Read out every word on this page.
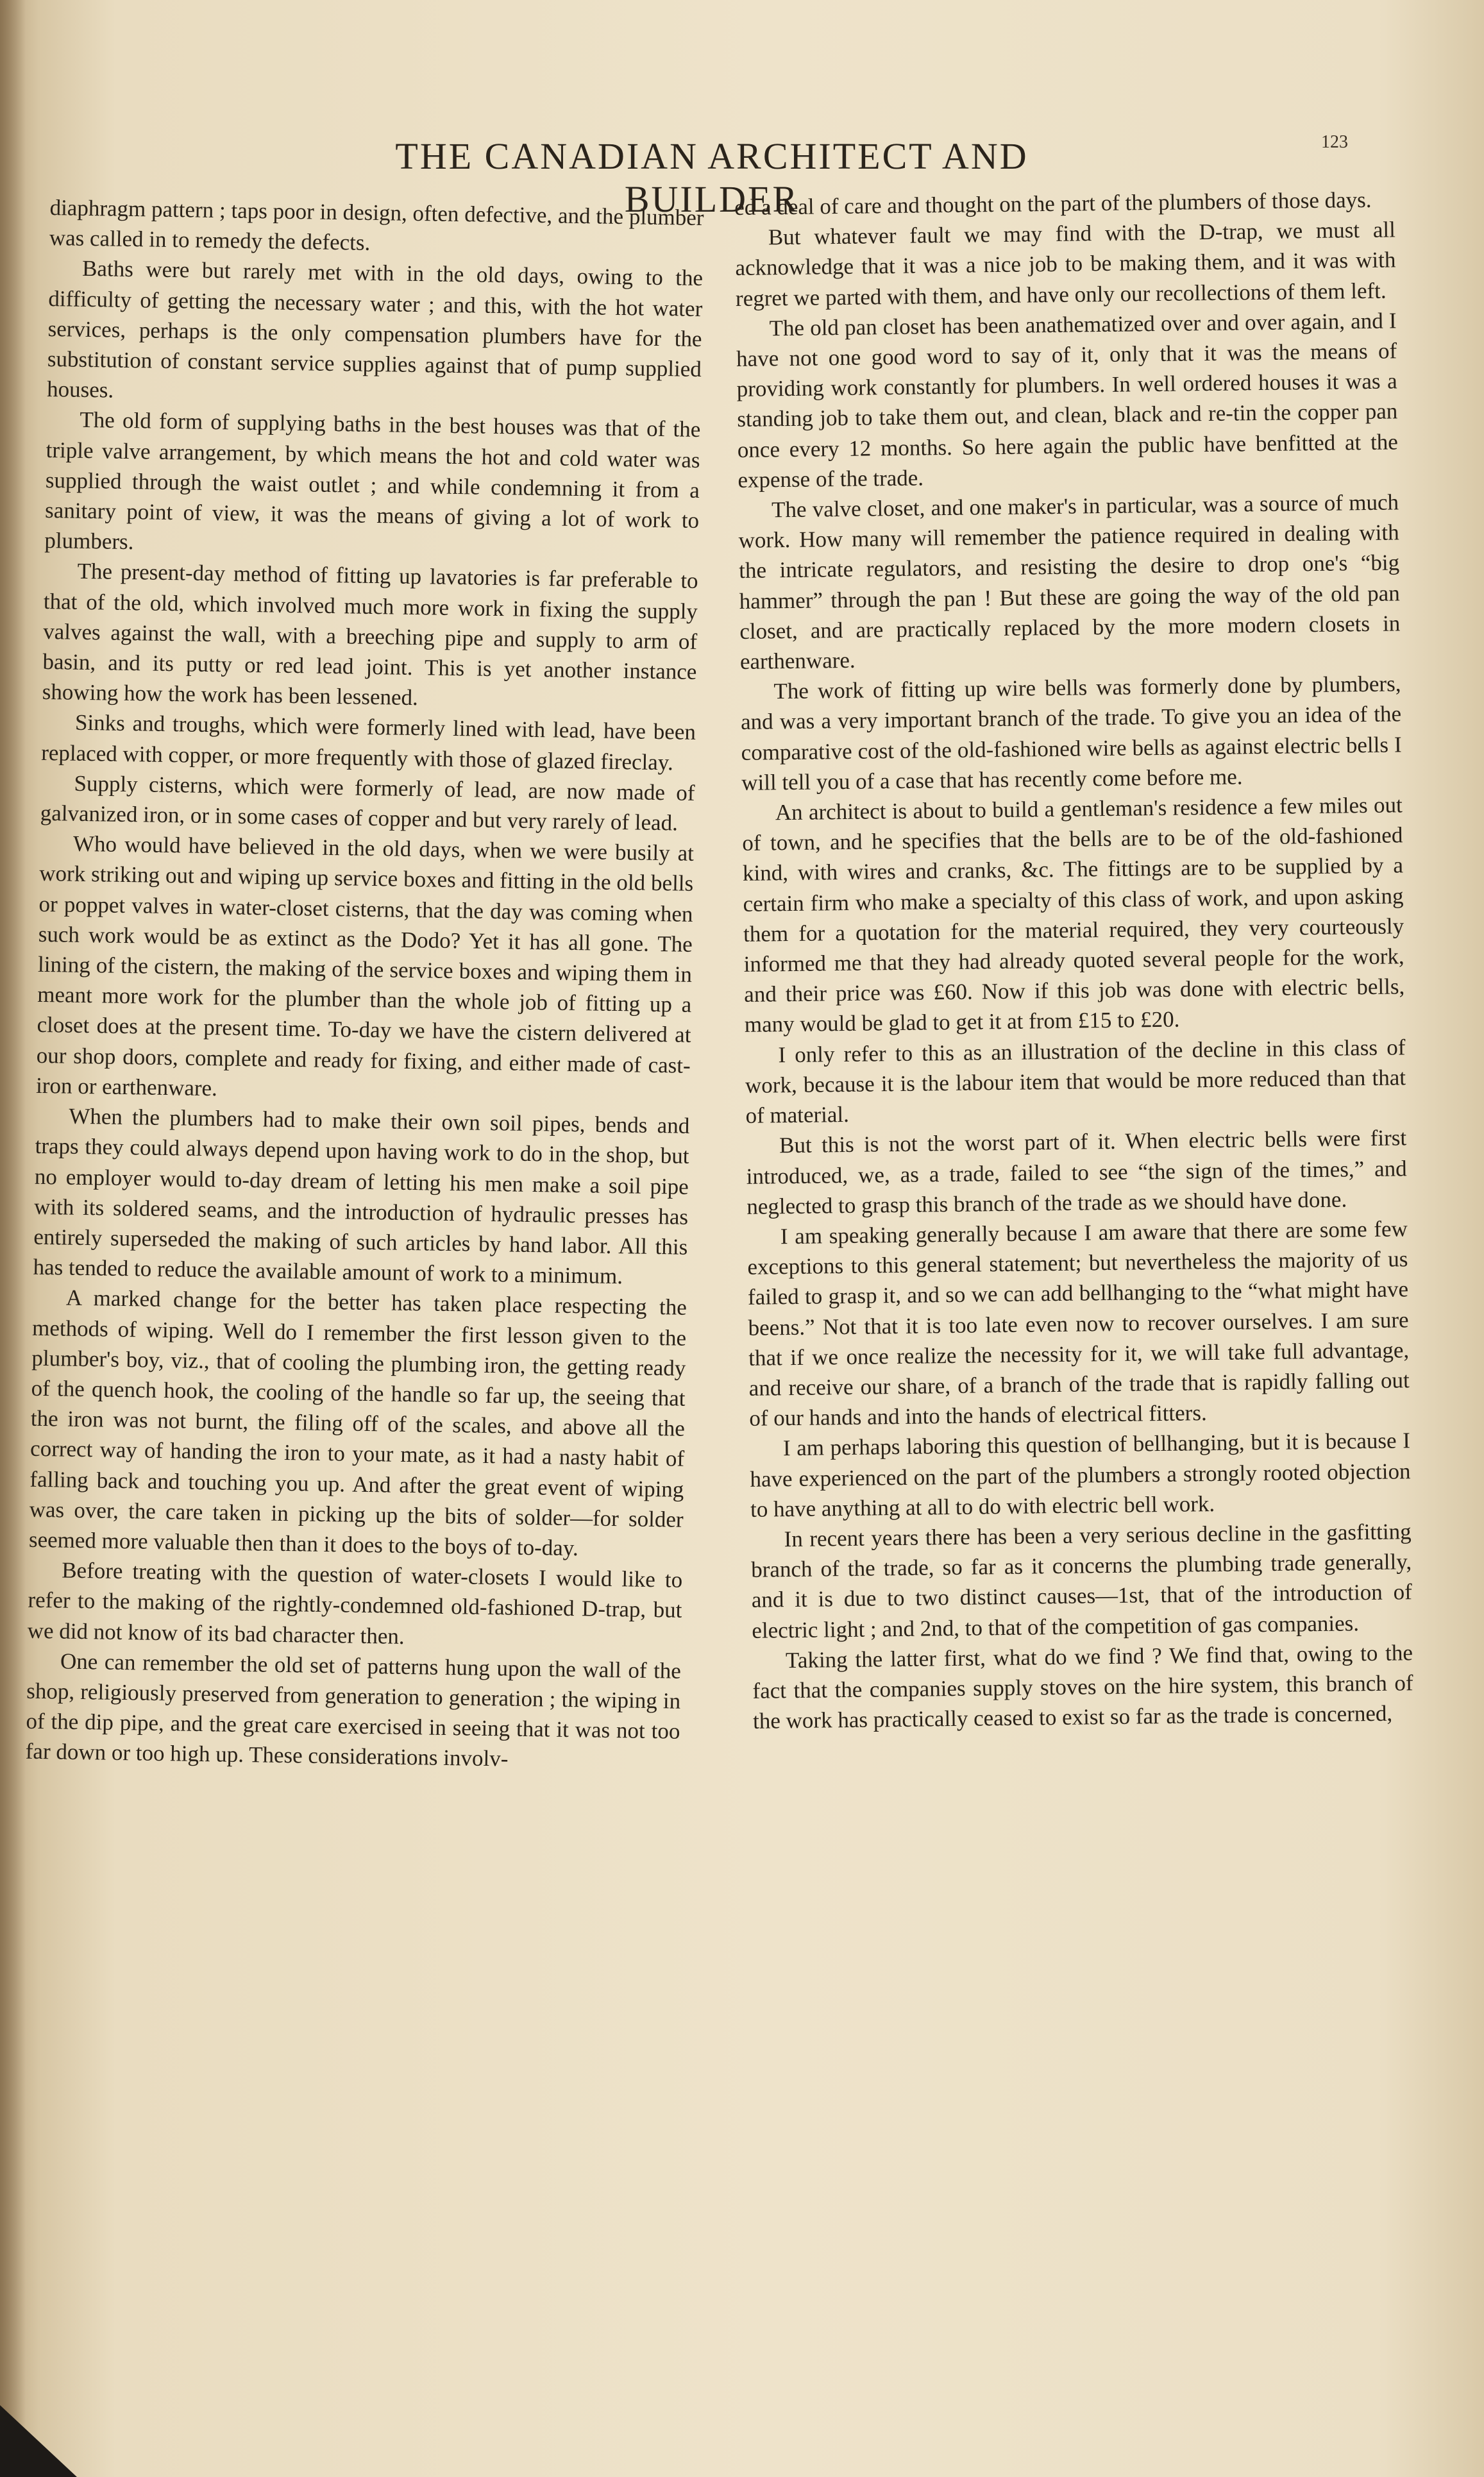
THE CANADIAN ARCHITECT AND BUILDER
123

diaphragm pattern ; taps poor in design, often defective, and the plumber was called in to remedy the defects.

Baths were but rarely met with in the old days, owing to the difficulty of getting the necessary water ; and this, with the hot water services, perhaps is the only compensation plumbers have for the substitution of constant service supplies against that of pump supplied houses.

The old form of supplying baths in the best houses was that of the triple valve arrangement, by which means the hot and cold water was supplied through the waist outlet ; and while condemning it from a sanitary point of view, it was the means of giving a lot of work to plumbers.

The present-day method of fitting up lavatories is far preferable to that of the old, which involved much more work in fixing the supply valves against the wall, with a breeching pipe and supply to arm of basin, and its putty or red lead joint. This is yet another instance showing how the work has been lessened.

Sinks and troughs, which were formerly lined with lead, have been replaced with copper, or more frequently with those of glazed fireclay.

Supply cisterns, which were formerly of lead, are now made of galvanized iron, or in some cases of copper and but very rarely of lead.

Who would have believed in the old days, when we were busily at work striking out and wiping up service boxes and fitting in the old bells or poppet valves in water-closet cisterns, that the day was coming when such work would be as extinct as the Dodo? Yet it has all gone. The lining of the cistern, the making of the service boxes and wiping them in meant more work for the plumber than the whole job of fitting up a closet does at the present time. To-day we have the cistern delivered at our shop doors, complete and ready for fixing, and either made of cast-iron or earthenware.

When the plumbers had to make their own soil pipes, bends and traps they could always depend upon having work to do in the shop, but no employer would to-day dream of letting his men make a soil pipe with its soldered seams, and the introduction of hydraulic presses has entirely superseded the making of such articles by hand labor. All this has tended to reduce the available amount of work to a minimum.

A marked change for the better has taken place respecting the methods of wiping. Well do I remember the first lesson given to the plumber's boy, viz., that of cooling the plumbing iron, the getting ready of the quench hook, the cooling of the handle so far up, the seeing that the iron was not burnt, the filing off of the scales, and above all the correct way of handing the iron to your mate, as it had a nasty habit of falling back and touching you up. And after the great event of wiping was over, the care taken in picking up the bits of solder—for solder seemed more valuable then than it does to the boys of to-day.

Before treating with the question of water-closets I would like to refer to the making of the rightly-condemned old-fashioned D-trap, but we did not know of its bad character then.

One can remember the old set of patterns hung upon the wall of the shop, religiously preserved from generation to generation ; the wiping in of the dip pipe, and the great care exercised in seeing that it was not too far down or too high up. These considerations involv-

ed a deal of care and thought on the part of the plumbers of those days.

But whatever fault we may find with the D-trap, we must all acknowledge that it was a nice job to be making them, and it was with regret we parted with them, and have only our recollections of them left.

The old pan closet has been anathematized over and over again, and I have not one good word to say of it, only that it was the means of providing work constantly for plumbers. In well ordered houses it was a standing job to take them out, and clean, black and re-tin the copper pan once every 12 months. So here again the public have benfitted at the expense of the trade.

The valve closet, and one maker's in particular, was a source of much work. How many will remember the patience required in dealing with the intricate regulators, and resisting the desire to drop one's “big hammer” through the pan ! But these are going the way of the old pan closet, and are practically replaced by the more modern closets in earthenware.

The work of fitting up wire bells was formerly done by plumbers, and was a very important branch of the trade. To give you an idea of the comparative cost of the old-fashioned wire bells as against electric bells I will tell you of a case that has recently come before me.

An architect is about to build a gentleman's residence a few miles out of town, and he specifies that the bells are to be of the old-fashioned kind, with wires and cranks, &c. The fittings are to be supplied by a certain firm who make a specialty of this class of work, and upon asking them for a quotation for the material required, they very courteously informed me that they had already quoted several people for the work, and their price was £60. Now if this job was done with electric bells, many would be glad to get it at from £15 to £20.

I only refer to this as an illustration of the decline in this class of work, because it is the labour item that would be more reduced than that of material.

But this is not the worst part of it. When electric bells were first introduced, we, as a trade, failed to see “the sign of the times,” and neglected to grasp this branch of the trade as we should have done.

I am speaking generally because I am aware that there are some few exceptions to this general statement; but nevertheless the majority of us failed to grasp it, and so we can add bellhanging to the “what might have beens.” Not that it is too late even now to recover ourselves. I am sure that if we once realize the necessity for it, we will take full advantage, and receive our share, of a branch of the trade that is rapidly falling out of our hands and into the hands of electrical fitters.

I am perhaps laboring this question of bellhanging, but it is because I have experienced on the part of the plumbers a strongly rooted objection to have anything at all to do with electric bell work.

In recent years there has been a very serious decline in the gasfitting branch of the trade, so far as it concerns the plumbing trade generally, and it is due to two distinct causes—1st, that of the introduction of electric light ; and 2nd, to that of the competition of gas companies.

Taking the latter first, what do we find ? We find that, owing to the fact that the companies supply stoves on the hire system, this branch of the work has practically ceased to exist so far as the trade is concerned,
